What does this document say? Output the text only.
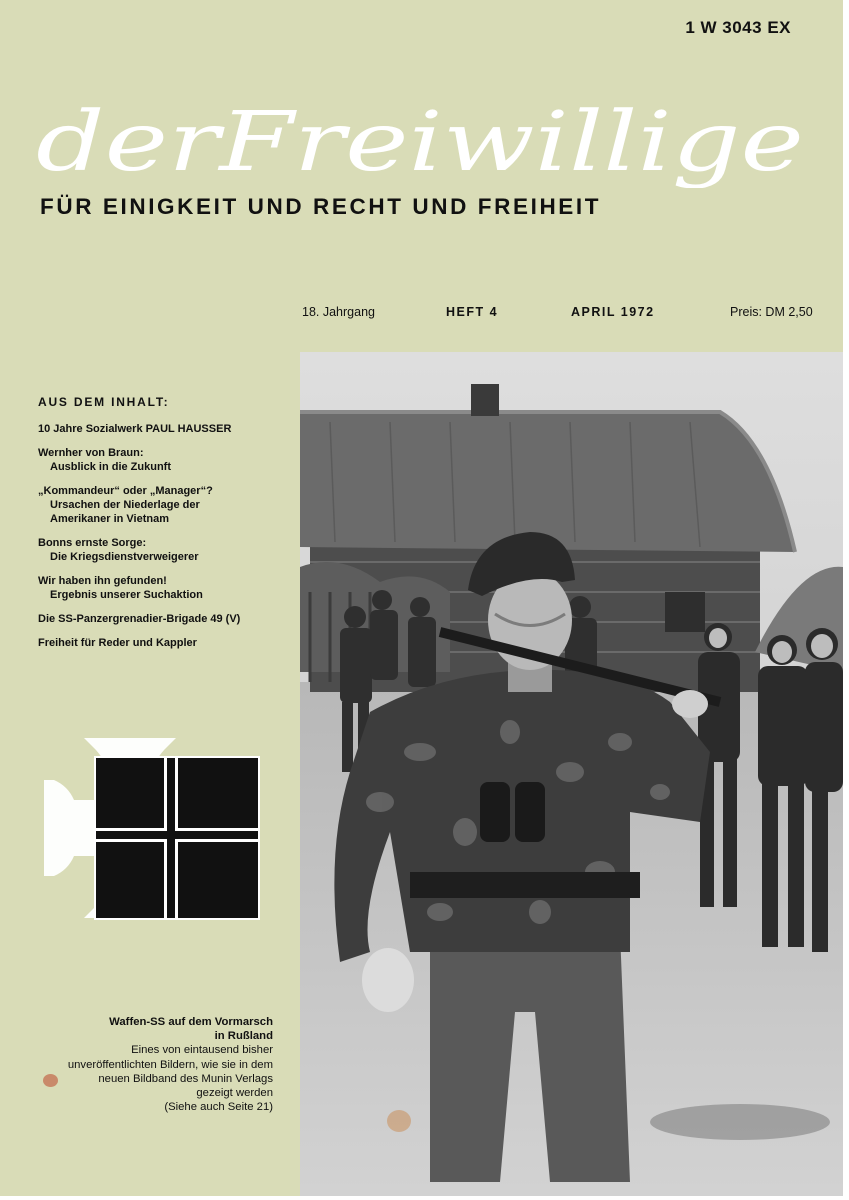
1 W 3043 EX
derFreiwillige
FÜR EINIGKEIT UND RECHT UND FREIHEIT
18. Jahrgang	HEFT 4	APRIL 1972	Preis: DM 2,50
AUS DEM INHALT:
10 Jahre Sozialwerk PAUL HAUSSER
Wernher von Braun:
Ausblick in die Zukunft
„Kommandeur“ oder „Manager“?
Ursachen der Niederlage der
Amerikaner in Vietnam
Bonns ernste Sorge:
Die Kriegsdienstverweigerer
Wir haben ihn gefunden!
Ergebnis unserer Suchaktion
Die SS-Panzergrenadier-Brigade 49 (V)
Freiheit für Reder und Kappler
Waffen-SS auf dem Vormarsch
in Rußland
Eines von eintausend bisher
unveröffentlichten Bildern, wie sie in dem
neuen Bildband des Munin Verlags
gezeigt werden
(Siehe auch Seite 21)
